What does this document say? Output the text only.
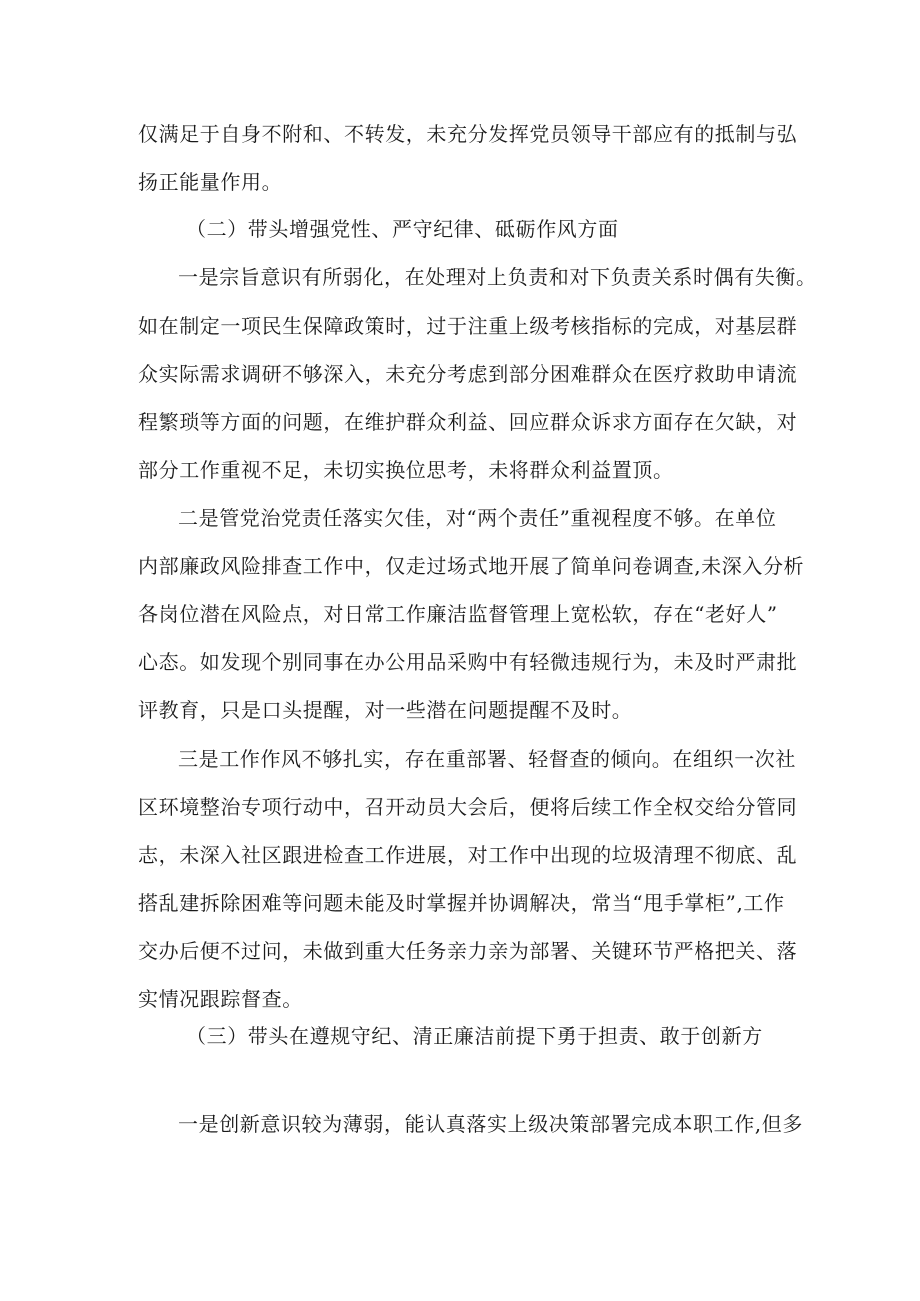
仅满足于自身不附和、不转发，未充分发挥党员领导干部应有的抵制与弘
扬正能量作用。
（二）带头增强党性、严守纪律、砥砺作风方面
一是宗旨意识有所弱化，在处理对上负责和对下负责关系时偶有失衡。
如在制定一项民生保障政策时，过于注重上级考核指标的完成，对基层群
众实际需求调研不够深入，未充分考虑到部分困难群众在医疗救助申请流
程繁琐等方面的问题，在维护群众利益、回应群众诉求方面存在欠缺，对
部分工作重视不足，未切实换位思考，未将群众利益置顶。
二是管党治党责任落实欠佳，对“两个责任”重视程度不够。在单位
内部廉政风险排查工作中，仅走过场式地开展了简单问卷调查,未深入分析
各岗位潜在风险点，对日常工作廉洁监督管理上宽松软，存在“老好人”
心态。如发现个别同事在办公用品采购中有轻微违规行为，未及时严肃批
评教育，只是口头提醒，对一些潜在问题提醒不及时。
三是工作作风不够扎实，存在重部署、轻督查的倾向。在组织一次社
区环境整治专项行动中，召开动员大会后，便将后续工作全权交给分管同
志，未深入社区跟进检查工作进展，对工作中出现的垃圾清理不彻底、乱
搭乱建拆除困难等问题未能及时掌握并协调解决，常当“甩手掌柜”,工作
交办后便不过问，未做到重大任务亲力亲为部署、关键环节严格把关、落
实情况跟踪督查。
（三）带头在遵规守纪、清正廉洁前提下勇于担责、敢于创新方
一是创新意识较为薄弱，能认真落实上级决策部署完成本职工作,但多
